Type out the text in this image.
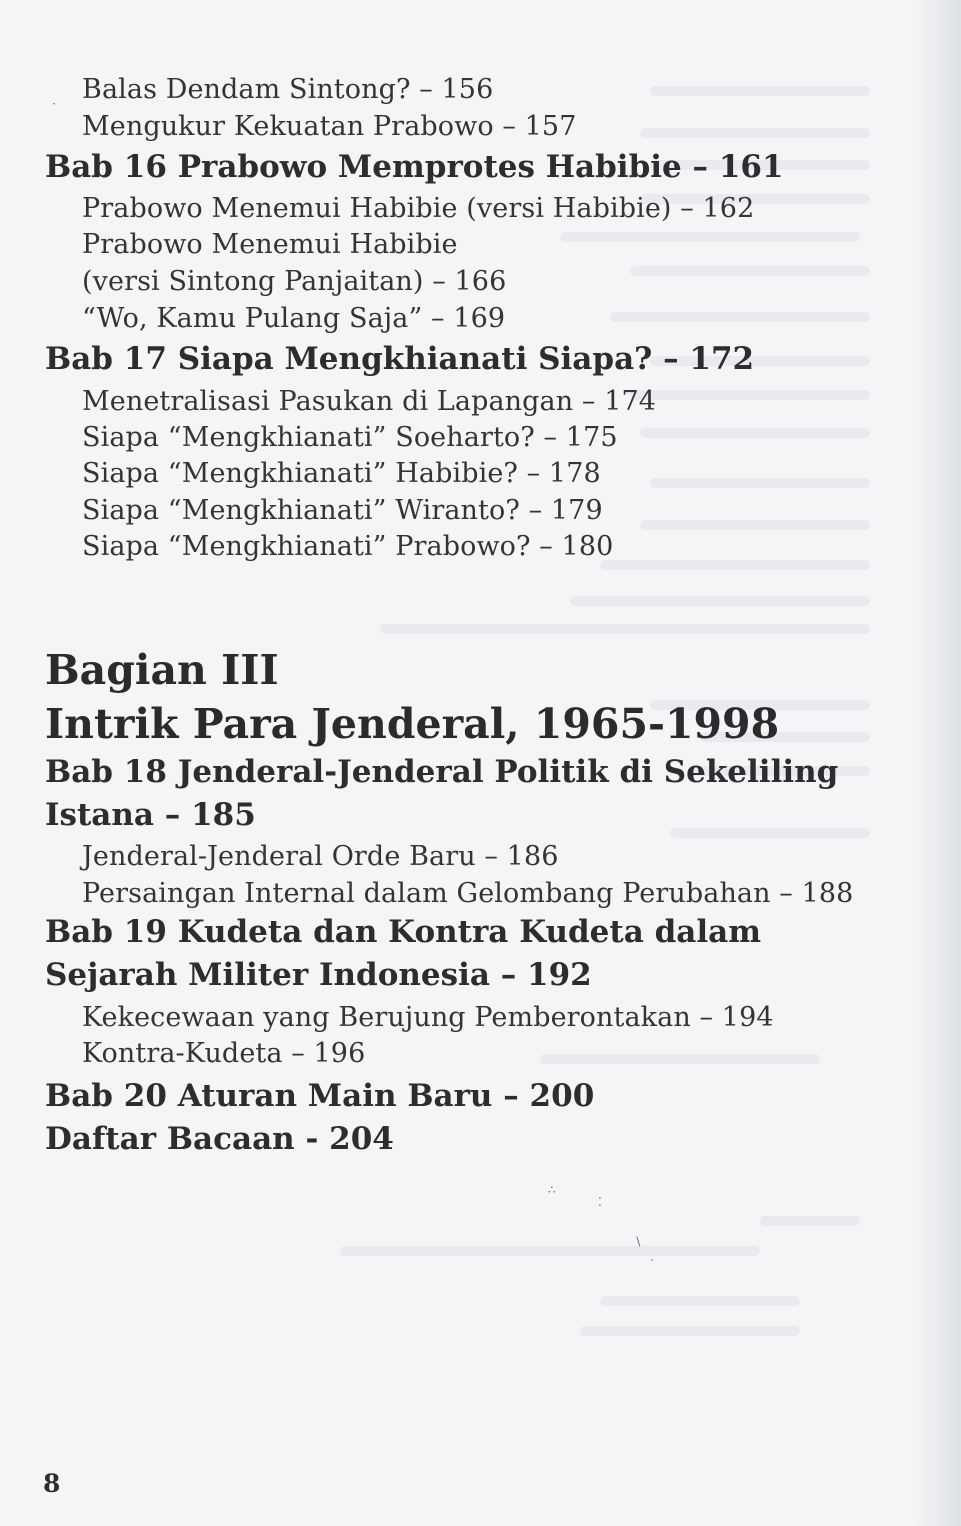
Balas Dendam Sintong? – 156
Mengukur Kekuatan Prabowo – 157
Bab 16 Prabowo Memprotes Habibie – 161
Prabowo Menemui Habibie (versi Habibie) – 162
Prabowo Menemui Habibie
(versi Sintong Panjaitan) – 166
“Wo, Kamu Pulang Saja” – 169
Bab 17 Siapa Mengkhianati Siapa? – 172
Menetralisasi Pasukan di Lapangan – 174
Siapa “Mengkhianati” Soeharto? – 175
Siapa “Mengkhianati” Habibie? – 178
Siapa “Mengkhianati” Wiranto? – 179
Siapa “Mengkhianati” Prabowo? – 180
Bagian III
Intrik Para Jenderal, 1965-1998
Bab 18 Jenderal-Jenderal Politik di Sekeliling
Istana – 185
Jenderal-Jenderal Orde Baru – 186
Persaingan Internal dalam Gelombang Perubahan – 188
Bab 19 Kudeta dan Kontra Kudeta dalam
Sejarah Militer Indonesia – 192
Kekecewaan yang Berujung Pemberontakan – 194
Kontra-Kudeta – 196
Bab 20 Aturan Main Baru – 200
Daftar Bacaan - 204
∴
⁚
∖
⋅
⋅
8
